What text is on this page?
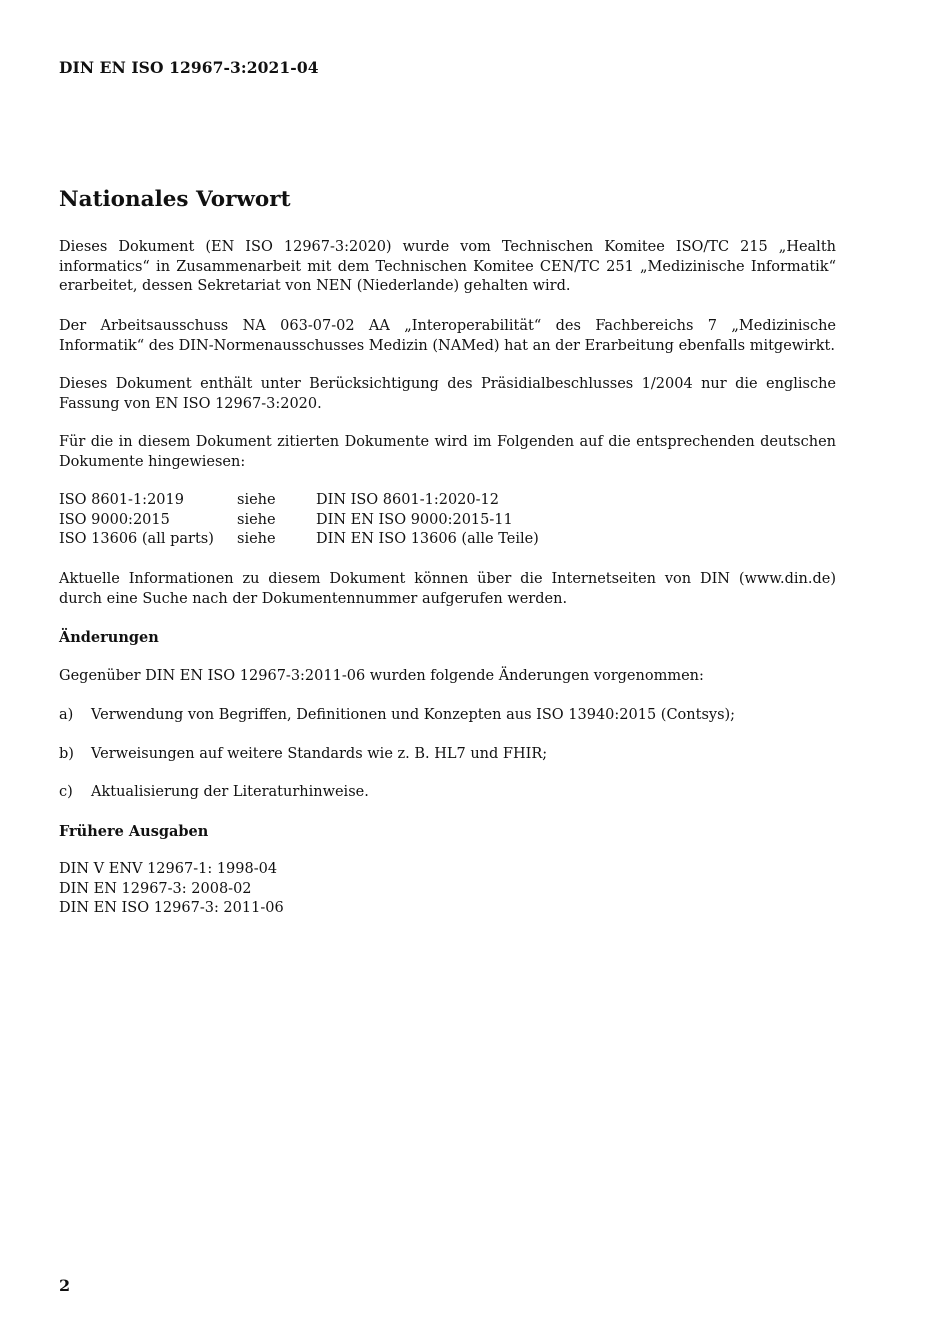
DIN EN ISO 12967-3:2021-04
Nationales Vorwort

Dieses Dokument (EN ISO 12967-3:2020) wurde vom Technischen Komitee ISO/TC 215 „Health informatics“ in Zusammenarbeit mit dem Technischen Komitee CEN/TC 251 „Medizinische Informatik“ erarbeitet, dessen Sekretariat von NEN (Niederlande) gehalten wird.

Der Arbeitsausschuss NA 063-07-02 AA „Interoperabilität“ des Fachbereichs 7 „Medizinische Informatik“ des DIN-Normenausschusses Medizin (NAMed) hat an der Erarbeitung ebenfalls mitgewirkt.

Dieses Dokument enthält unter Berücksichtigung des Präsidialbeschlusses 1/2004 nur die englische Fassung von EN ISO 12967-3:2020.

Für die in diesem Dokument zitierten Dokumente wird im Folgenden auf die entsprechenden deutschen Dokumente hingewiesen:

ISO 8601-1:2019	siehe	DIN ISO 8601-1:2020-12
ISO 9000:2015	siehe	DIN EN ISO 9000:2015-11
ISO 13606 (all parts)	siehe	DIN EN ISO 13606 (alle Teile)

Aktuelle Informationen zu diesem Dokument können über die Internetseiten von DIN (www.din.de) durch eine Suche nach der Dokumentennummer aufgerufen werden.

Änderungen

Gegenüber DIN EN ISO 12967-3:2011-06 wurden folgende Änderungen vorgenommen:

a)	Verwendung von Begriffen, Definitionen und Konzepten aus ISO 13940:2015 (Contsys);
b)	Verweisungen auf weitere Standards wie z. B. HL7 und FHIR;
c)	Aktualisierung der Literaturhinweise.
Frühere Ausgaben
DIN V ENV 12967-1: 1998-04
DIN EN 12967-3: 2008-02
DIN EN ISO 12967-3: 2011-06
2
